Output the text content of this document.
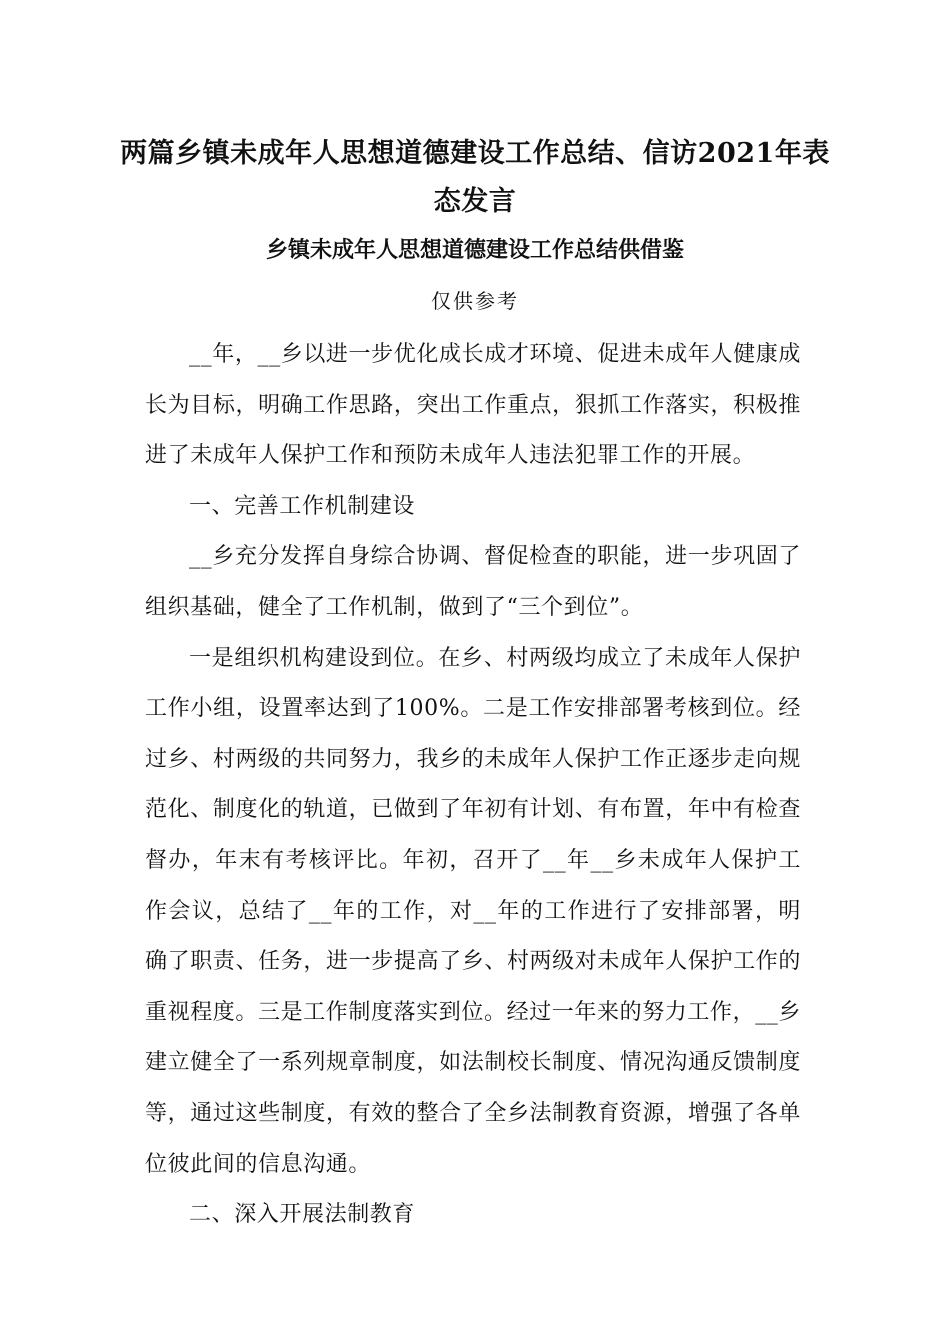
两篇乡镇未成年人思想道德建设工作总结、信访2021年表态发言
乡镇未成年人思想道德建设工作总结供借鉴
仅供参考

__年，__乡以进一步优化成长成才环境、促进未成年人健康成长为目标，明确工作思路，突出工作重点，狠抓工作落实，积极推进了未成年人保护工作和预防未成年人违法犯罪工作的开展。

一、完善工作机制建设

__乡充分发挥自身综合协调、督促检查的职能，进一步巩固了组织基础，健全了工作机制，做到了“三个到位”。

一是组织机构建设到位。在乡、村两级均成立了未成年人保护工作小组，设置率达到了100%。二是工作安排部署考核到位。经过乡、村两级的共同努力，我乡的未成年人保护工作正逐步走向规范化、制度化的轨道，已做到了年初有计划、有布置，年中有检查督办，年末有考核评比。年初，召开了__年__乡未成年人保护工作会议，总结了__年的工作，对__年的工作进行了安排部署，明确了职责、任务，进一步提高了乡、村两级对未成年人保护工作的重视程度。三是工作制度落实到位。经过一年来的努力工作，__乡建立健全了一系列规章制度，如法制校长制度、情况沟通反馈制度等，通过这些制度，有效的整合了全乡法制教育资源，增强了各单位彼此间的信息沟通。

二、深入开展法制教育
